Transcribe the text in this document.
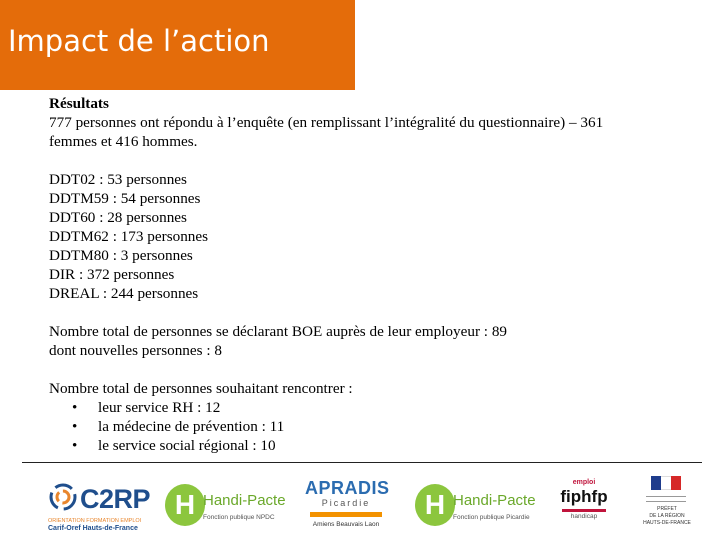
Impact de l’action

Résultats

777 personnes ont répondu à l’enquête (en remplissant l’intégralité du questionnaire) – 361

femmes et 416 hommes.

DDT02 : 53 personnes

DDTM59 : 54 personnes

DDT60 : 28 personnes

DDTM62 : 173 personnes

DDTM80 : 3 personnes

DIR : 372 personnes

DREAL : 244 personnes

Nombre total de personnes se déclarant BOE auprès de leur employeur : 89

dont nouvelles personnes : 8

Nombre total de personnes souhaitant rencontrer :

• leur service RH : 12
• la médecine de prévention : 11
• le service social régional : 10
C2RP
ORIENTATION FORMATION EMPLOI
Carif-Oref Hauts-de-France
H Handi-Pacte
Fonction publique NPDC
APRADIS
Picardie
Amiens Beauvais Laon
H Handi-Pacte
Fonction publique Picardie
emploi
fiphfp
handicap
PRÉFET
DE LA RÉGION
HAUTS-DE-FRANCE
